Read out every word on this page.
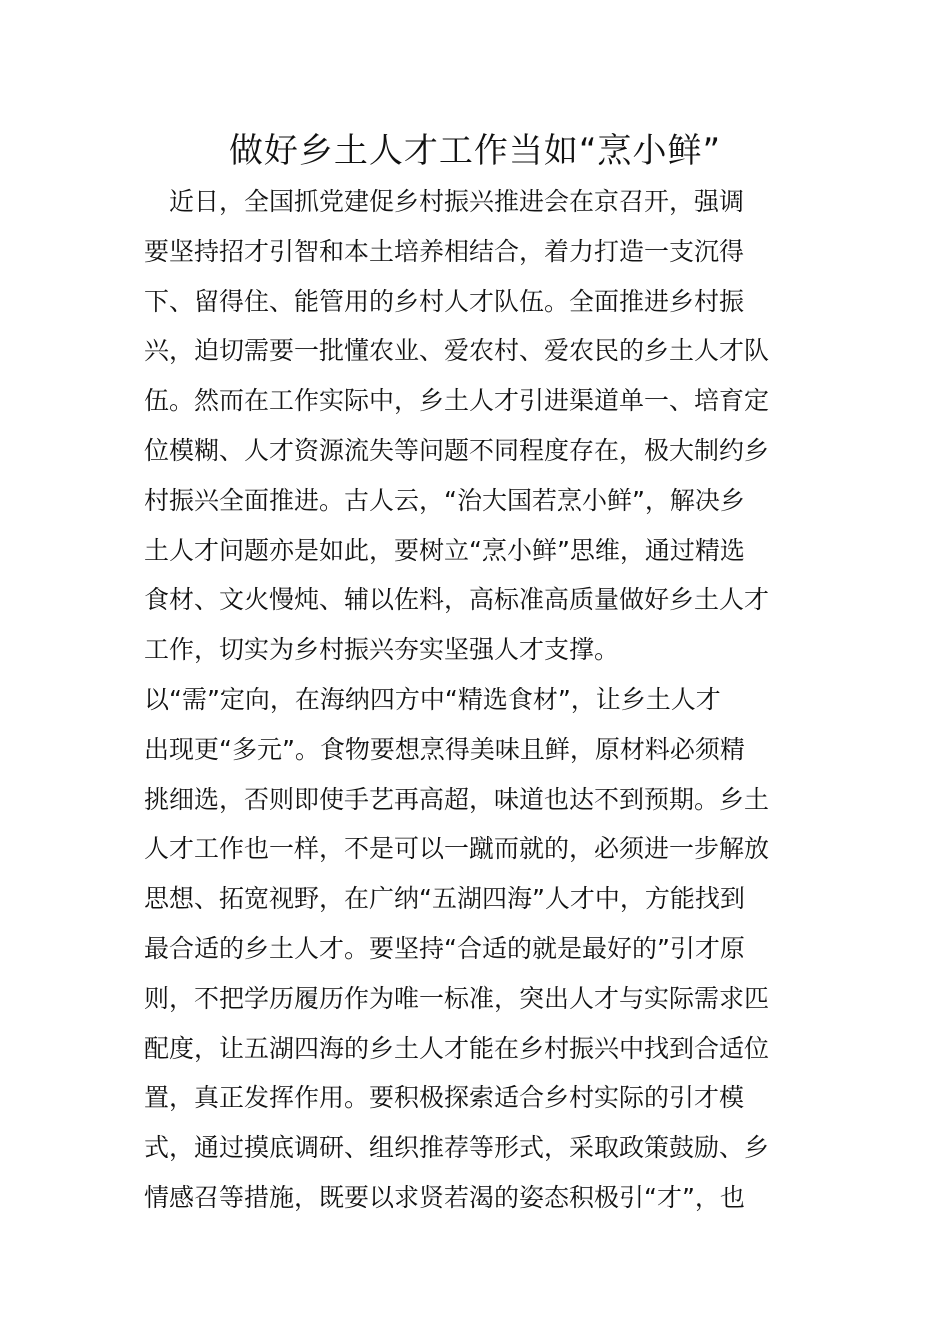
做好乡土人才工作当如“烹小鲜”
　近日，全国抓党建促乡村振兴推进会在京召开，强调
要坚持招才引智和本土培养相结合，着力打造一支沉得
下、留得住、能管用的乡村人才队伍。全面推进乡村振
兴，迫切需要一批懂农业、爱农村、爱农民的乡土人才队
伍。然而在工作实际中，乡土人才引进渠道单一、培育定
位模糊、人才资源流失等问题不同程度存在，极大制约乡
村振兴全面推进。古人云，“治大国若烹小鲜”，解决乡
土人才问题亦是如此，要树立“烹小鲜”思维，通过精选
食材、文火慢炖、辅以佐料，高标准高质量做好乡土人才
工作，切实为乡村振兴夯实坚强人才支撑。
以“需”定向，在海纳四方中“精选食材”，让乡土人才
出现更“多元”。食物要想烹得美味且鲜，原材料必须精
挑细选，否则即使手艺再高超，味道也达不到预期。乡土
人才工作也一样，不是可以一蹴而就的，必须进一步解放
思想、拓宽视野，在广纳“五湖四海”人才中，方能找到
最合适的乡土人才。要坚持“合适的就是最好的”引才原
则，不把学历履历作为唯一标准，突出人才与实际需求匹
配度，让五湖四海的乡土人才能在乡村振兴中找到合适位
置，真正发挥作用。要积极探索适合乡村实际的引才模
式，通过摸底调研、组织推荐等形式，采取政策鼓励、乡
情感召等措施，既要以求贤若渴的姿态积极引“才”，也
